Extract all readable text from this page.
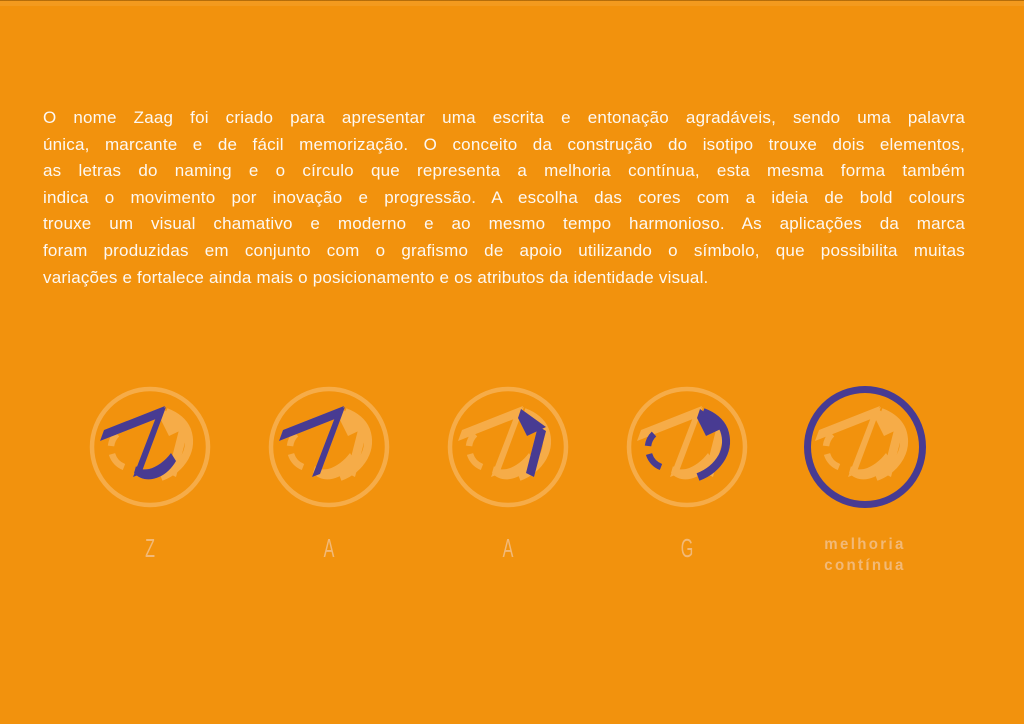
O nome Zaag foi criado para apresentar uma escrita e entonação agradáveis, sendo uma palavra
única, marcante e de fácil memorização. O conceito da construção do isotipo trouxe dois elementos,
as letras do naming e o círculo que representa a melhoria contínua, esta mesma forma também
indica o movimento por inovação e progressão. A escolha das cores com a ideia de bold colours
trouxe um visual chamativo e moderno e ao mesmo tempo harmonioso. As aplicações da marca
foram produzidas em conjunto com o grafismo de apoio utilizando o símbolo, que possibilita muitas
variações e fortalece ainda mais o posicionamento e os atributos da identidade visual.
Z	A	A	G	melhoria
contínua
